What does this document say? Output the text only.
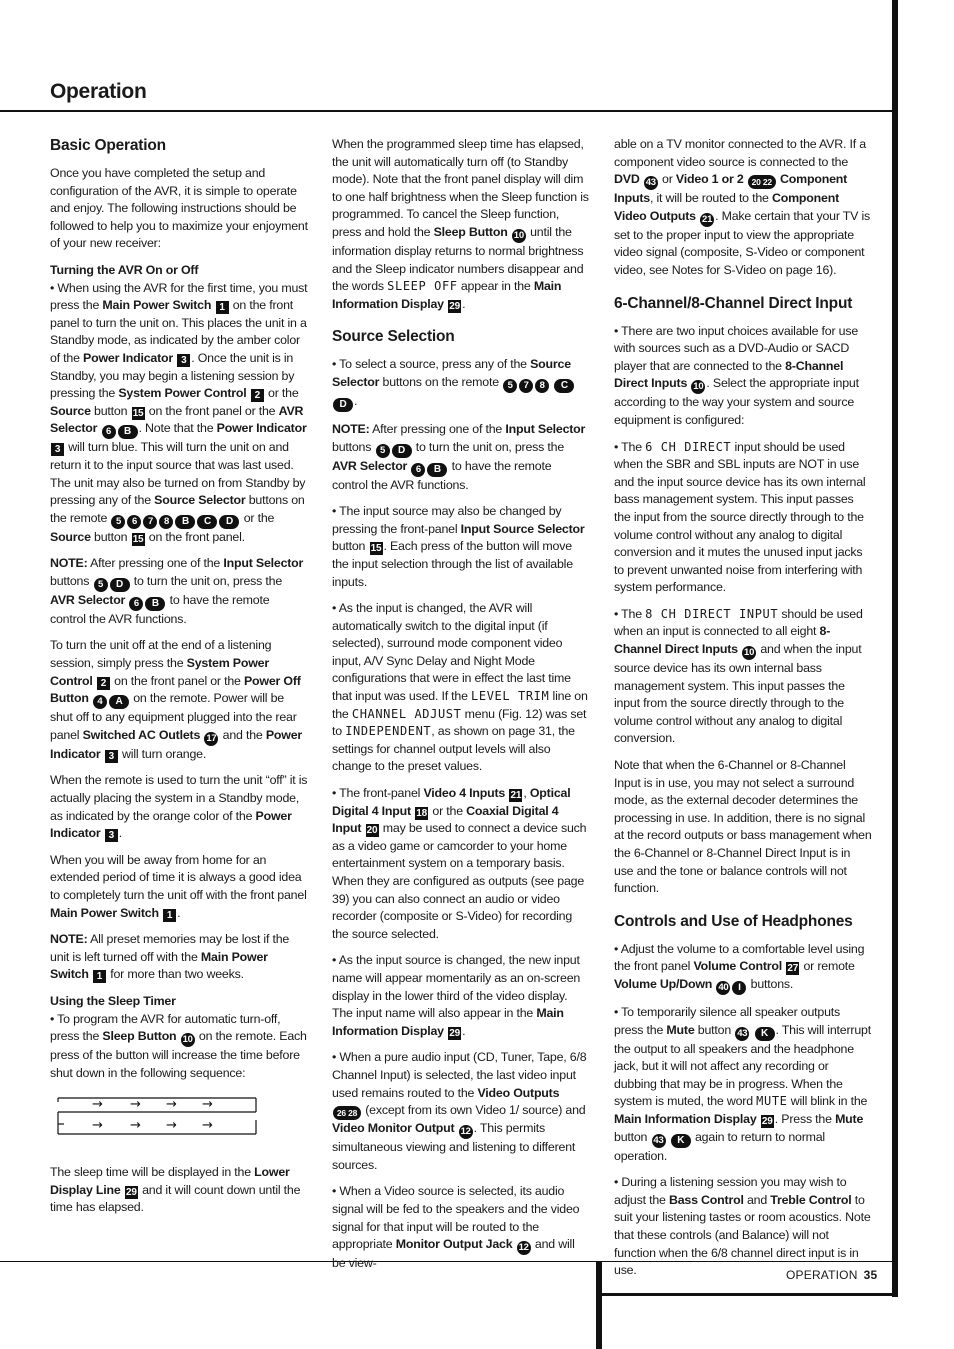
Operation
Basic Operation

Once you have completed the setup and configuration of the AVR, it is simple to operate and enjoy. The following instructions should be followed to help you to maximize your enjoyment of your new receiver:

Turning the AVR On or Off

• When using the AVR for the first time, you must press the Main Power Switch 1 on the front panel to turn the unit on. This places the unit in a Standby mode, as indicated by the amber color of the Power Indicator 3 . Once the unit is in Standby, you may begin a listening session by pressing the System Power Control 2 or the Source button 15 on the front panel or the AVR Selector 6 B . Note that the Power Indicator 3 will turn blue. This will turn the unit on and return it to the input source that was last used. The unit may also be turned on from Standby by pressing any of the Source Selector buttons on the remote 5 6 7 8 B C D or the Source button 15 on the front panel.

NOTE: After pressing one of the Input Selector buttons 5 D to turn the unit on, press the AVR Selector 6 B to have the remote control the AVR functions.

To turn the unit off at the end of a listening session, simply press the System Power Control 2 on the front panel or the Power Off Button 4 A on the remote. Power will be shut off to any equipment plugged into the rear panel Switched AC Outlets 17 and the Power Indicator 3 will turn orange.

When the remote is used to turn the unit “off” it is actually placing the system in a Standby mode, as indicated by the orange color of the Power Indicator 3 .

When you will be away from home for an extended period of time it is always a good idea to completely turn the unit off with the front panel Main Power Switch 1 .

NOTE: All preset memories may be lost if the unit is left turned off with the Main Power Switch 1 for more than two weeks.

Using the Sleep Timer

• To program the AVR for automatic turn-off, press the Sleep Button 10 on the remote. Each press of the button will increase the time before shut down in the following sequence:

→ → → →
→ → → →

The sleep time will be displayed in the Lower Display Line 29 and it will count down until the time has elapsed.

When the programmed sleep time has elapsed, the unit will automatically turn off (to Standby mode). Note that the front panel display will dim to one half brightness when the Sleep function is programmed. To cancel the Sleep function, press and hold the Sleep Button 10 until the information display returns to normal brightness and the Sleep indicator numbers disappear and the words SLEEP OFF appear in the Main Information Display 29 .

Source Selection

• To select a source, press any of the Source Selector buttons on the remote 5 7 8 CD .

NOTE: After pressing one of the Input Selector buttons 5 D to turn the unit on, press the AVR Selector 6 B to have the remote control the AVR functions.

• The input source may also be changed by pressing the front-panel Input Source Selector button 15 . Each press of the button will move the input selection through the list of available inputs.

• As the input is changed, the AVR will automatically switch to the digital input (if selected), surround mode component video input, A/V Sync Delay and Night Mode configurations that were in effect the last time that input was used. If the LEVEL TRIM line on the CHANNEL ADJUST menu (Fig. 12) was set to INDEPENDENT, as shown on page 31, the settings for channel output levels will also change to the preset values.

• The front-panel Video 4 Inputs 21 , Optical Digital 4 Input 18 or the Coaxial Digital 4 Input 20 may be used to connect a device such as a video game or camcorder to your home entertainment system on a temporary basis. When they are configured as outputs (see page 39) you can also connect an audio or video recorder (composite or S-Video) for recording the source selected.

• As the input source is changed, the new input name will appear momentarily as an on-screen display in the lower third of the video display. The input name will also appear in the Main Information Display 29 .

• When a pure audio input (CD, Tuner, Tape, 6/8 Channel Input) is selected, the last video input used remains routed to the Video Outputs 26 28 (except from its own Video 1/ source) and Video Monitor Output 12 . This permits simultaneous viewing and listening to different sources.

• When a Video source is selected, its audio signal will be fed to the speakers and the video signal for that input will be routed to the appropriate Monitor Output Jack 12 and will be view-

able on a TV monitor connected to the AVR. If a component video source is connected to the DVD 43 or Video 1 or 2 20 22 Component Inputs, it will be routed to the Component Video Outputs 21 . Make certain that your TV is set to the proper input to view the appropriate video signal (composite, S-Video or component video, see Notes for S-Video on page 16).

6-Channel/8-Channel Direct Input

• There are two input choices available for use with sources such as a DVD-Audio or SACD player that are connected to the 8-Channel Direct Inputs 10 . Select the appropriate input according to the way your system and source equipment is configured:

• The 6 CH DIRECT input should be used when the SBR and SBL inputs are NOT in use and the input source device has its own internal bass management system. This input passes the input from the source directly through to the volume control without any analog to digital conversion and it mutes the unused input jacks to prevent unwanted noise from interfering with system performance.

• The 8 CH DIRECT INPUT should be used when an input is connected to all eight 8-Channel Direct Inputs 10 and when the input source device has its own internal bass management system. This input passes the input from the source directly through to the volume control without any analog to digital conversion.

Note that when the 6-Channel or 8-Channel Input is in use, you may not select a surround mode, as the external decoder determines the processing in use. In addition, there is no signal at the record outputs or bass management when the 6-Channel or 8-Channel Direct Input is in use and the tone or balance controls will not function.

Controls and Use of Headphones

• Adjust the volume to a comfortable level using the front panel Volume Control 27 or remote Volume Up/Down 40 I buttons.

• To temporarily silence all speaker outputs press the Mute button 43 K . This will interrupt the output to all speakers and the headphone jack, but it will not affect any recording or dubbing that may be in progress. When the system is muted, the word MUTE will blink in the Main Information Display 29 . Press the Mute button 43 K again to return to normal operation.

• During a listening session you may wish to adjust the Bass Control and Treble Control to suit your listening tastes or room acoustics. Note that these controls (and Balance) will not function when the 6/8 channel direct input is in use.	OPERATION 35
